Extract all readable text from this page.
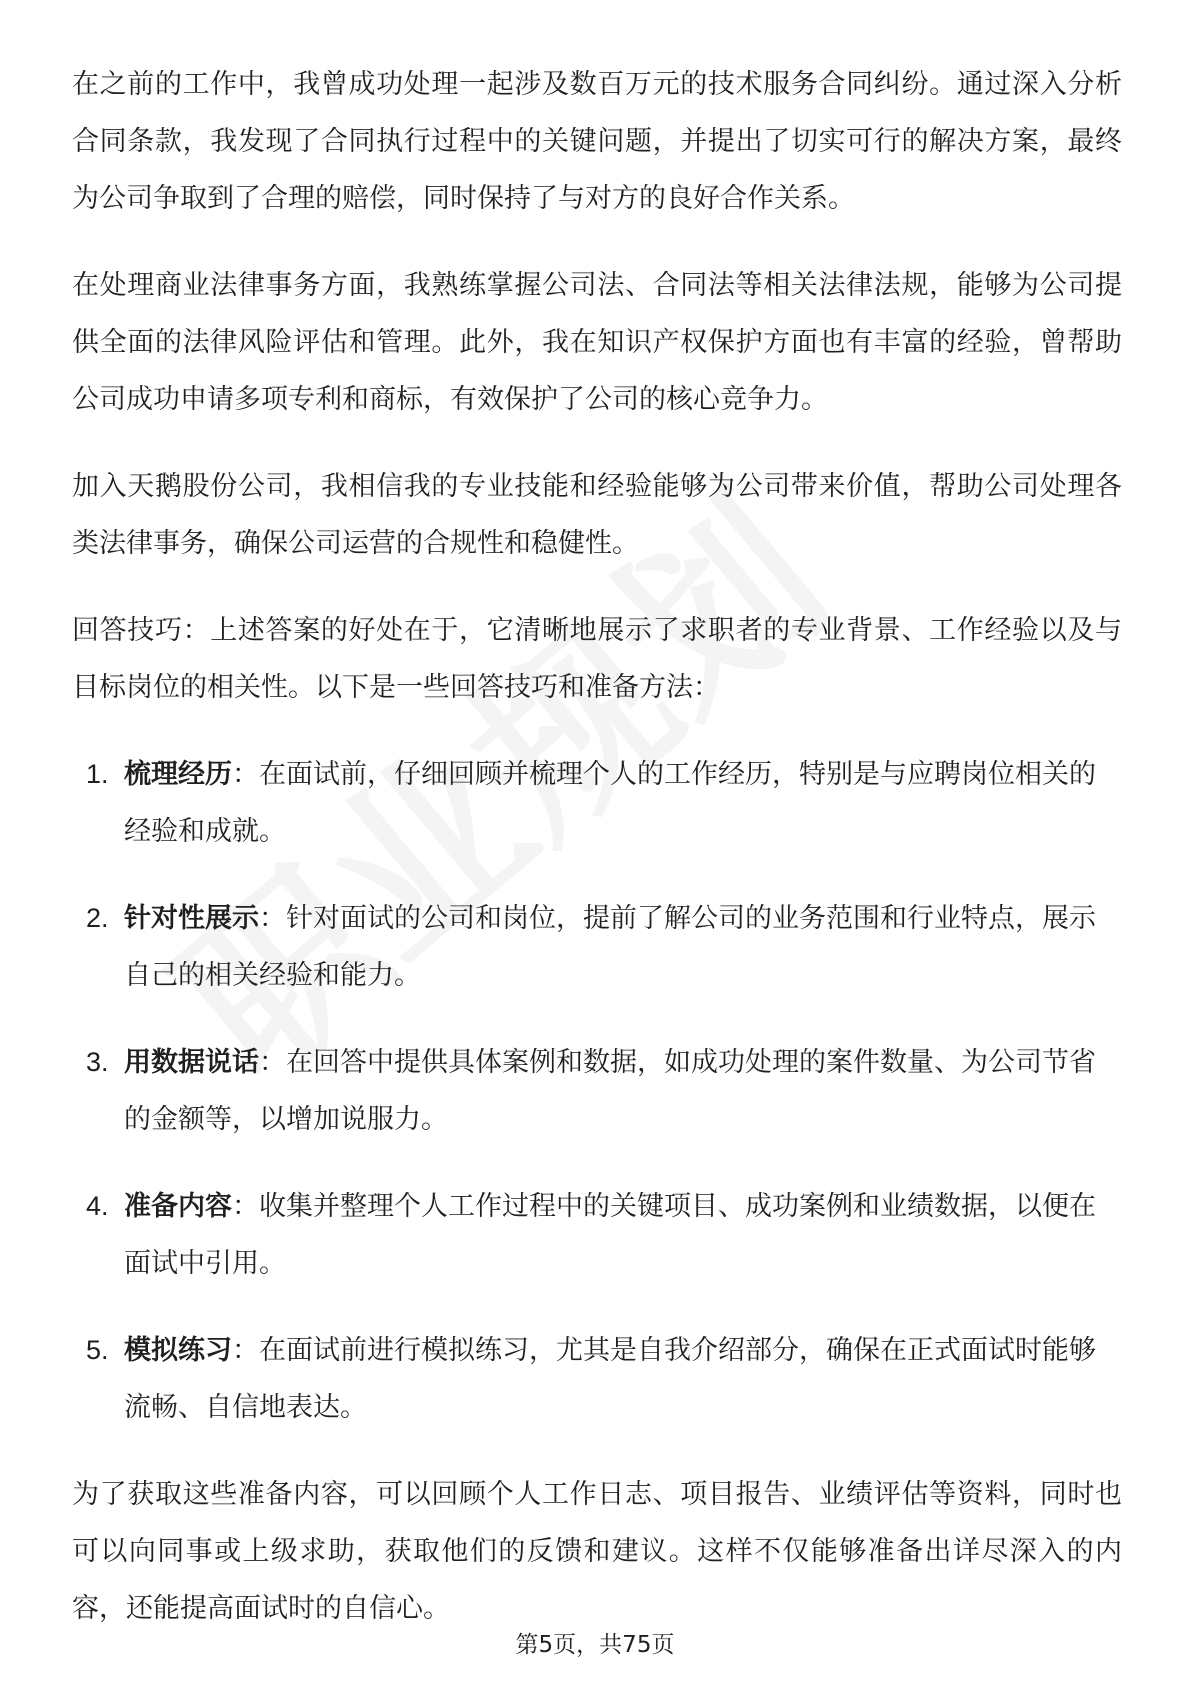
在之前的工作中，我曾成功处理一起涉及数百万元的技术服务合同纠纷。通过深入分析合同条款，我发现了合同执行过程中的关键问题，并提出了切实可行的解决方案，最终为公司争取到了合理的赔偿，同时保持了与对方的良好合作关系。

在处理商业法律事务方面，我熟练掌握公司法、合同法等相关法律法规，能够为公司提供全面的法律风险评估和管理。此外，我在知识产权保护方面也有丰富的经验，曾帮助公司成功申请多项专利和商标，有效保护了公司的核心竞争力。

加入天鹅股份公司，我相信我的专业技能和经验能够为公司带来价值，帮助公司处理各类法律事务，确保公司运营的合规性和稳健性。

回答技巧：上述答案的好处在于，它清晰地展示了求职者的专业背景、工作经验以及与目标岗位的相关性。以下是一些回答技巧和准备方法：

1. 梳理经历：在面试前，仔细回顾并梳理个人的工作经历，特别是与应聘岗位相关的经验和成就。
2. 针对性展示：针对面试的公司和岗位，提前了解公司的业务范围和行业特点，展示自己的相关经验和能力。
3. 用数据说话：在回答中提供具体案例和数据，如成功处理的案件数量、为公司节省的金额等，以增加说服力。
4. 准备内容：收集并整理个人工作过程中的关键项目、成功案例和业绩数据，以便在面试中引用。
5. 模拟练习：在面试前进行模拟练习，尤其是自我介绍部分，确保在正式面试时能够流畅、自信地表达。

为了获取这些准备内容，可以回顾个人工作日志、项目报告、业绩评估等资料，同时也可以向同事或上级求助，获取他们的反馈和建议。这样不仅能够准备出详尽深入的内容，还能提高面试时的自信心。

第5页，共75页
